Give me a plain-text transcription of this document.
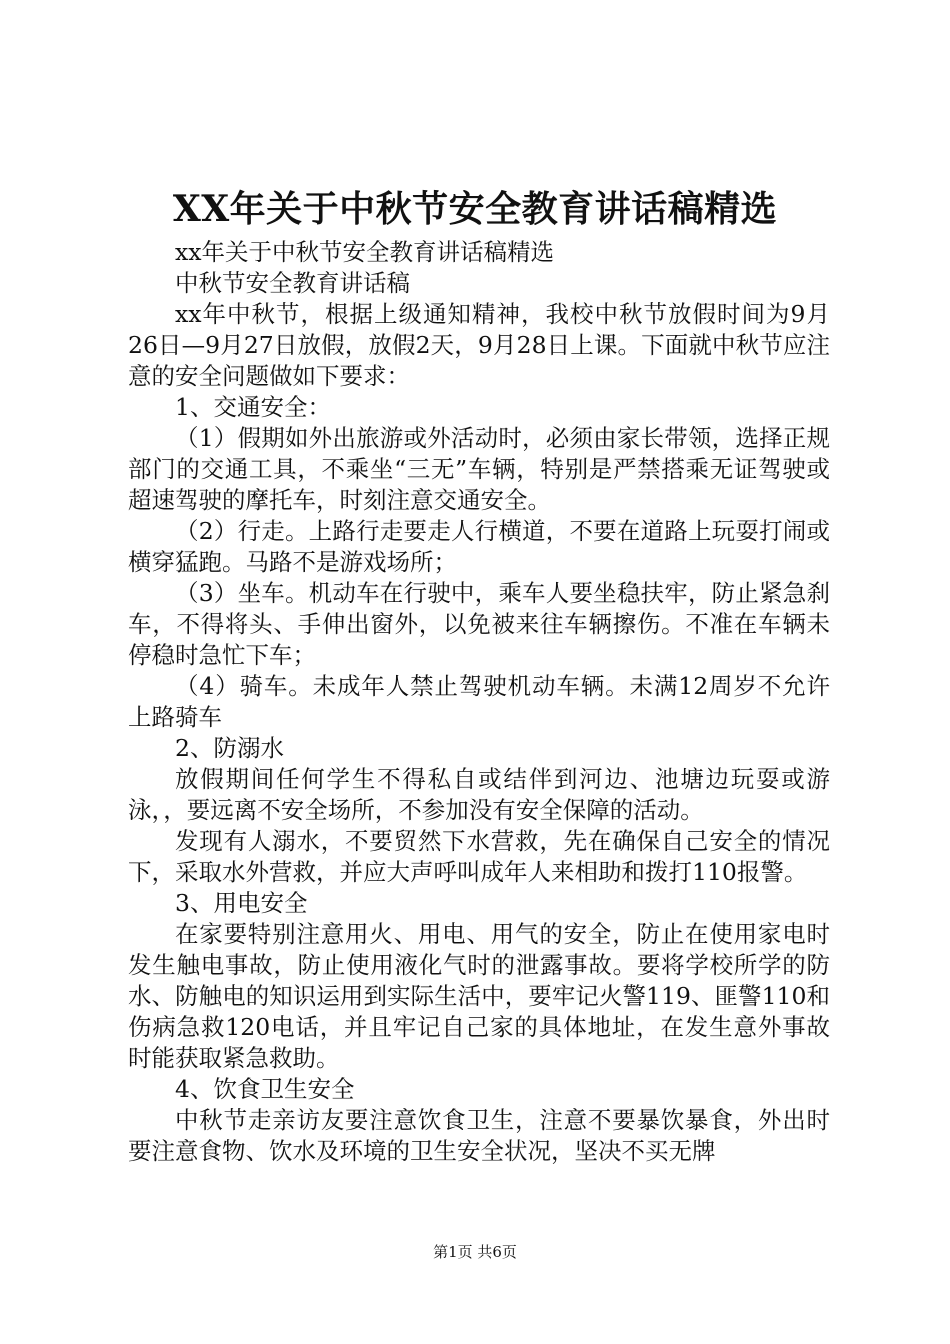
XX年关于中秋节安全教育讲话稿精选

xx年关于中秋节安全教育讲话稿精选

中秋节安全教育讲话稿

xx年中秋节，根据上级通知精神，我校中秋节放假时间为9月26日—9月27日放假，放假2天，9月28日上课。下面就中秋节应注意的安全问题做如下要求：

1、交通安全：

（1）假期如外出旅游或外活动时，必须由家长带领，选择正规部门的交通工具，不乘坐“三无”车辆，特别是严禁搭乘无证驾驶或超速驾驶的摩托车，时刻注意交通安全。

（2）行走。上路行走要走人行横道，不要在道路上玩耍打闹或横穿猛跑。马路不是游戏场所；

（3）坐车。机动车在行驶中，乘车人要坐稳扶牢，防止紧急刹车，不得将头、手伸出窗外，以免被来往车辆擦伤。不准在车辆未停稳时急忙下车；

（4）骑车。未成年人禁止驾驶机动车辆。未满12周岁不允许上路骑车

2、防溺水

放假期间任何学生不得私自或结伴到河边、池塘边玩耍或游泳，，要远离不安全场所，不参加没有安全保障的活动。

发现有人溺水，不要贸然下水营救，先在确保自己安全的情况下，采取水外营救，并应大声呼叫成年人来相助和拨打110报警。

3、用电安全

在家要特别注意用火、用电、用气的安全，防止在使用家电时发生触电事故，防止使用液化气时的泄露事故。要将学校所学的防水、防触电的知识运用到实际生活中，要牢记火警119、匪警110和伤病急救120电话，并且牢记自己家的具体地址，在发生意外事故时能获取紧急救助。

4、饮食卫生安全

中秋节走亲访友要注意饮食卫生，注意不要暴饮暴食，外出时要注意食物、饮水及环境的卫生安全状况，坚决不买无牌

第1页 共6页
